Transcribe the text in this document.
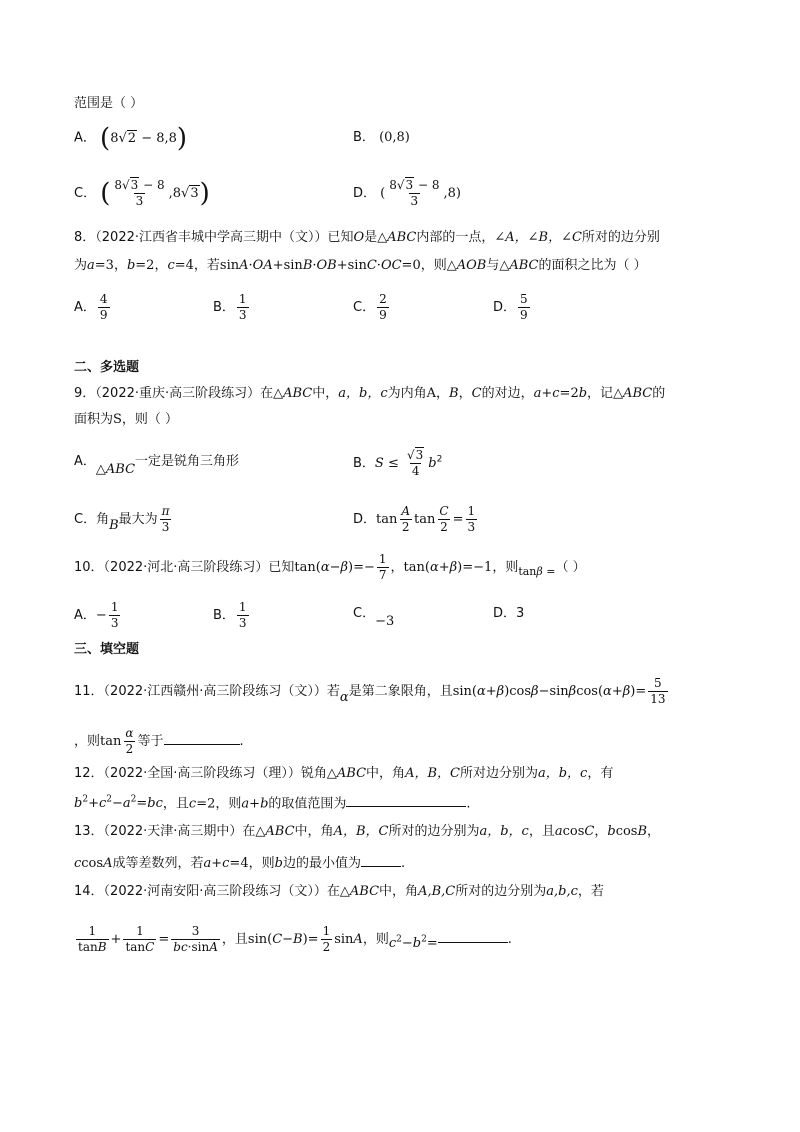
范围是（ ）
A． (8√2 − 8,8)	B． (0,8)
C． ( $\frac{8√3 - 8}{3} ,8√3$)	D． ( $\frac{8√3 - 8}{3} ,8$)
8．（2022·江西省丰城中学高三期中（文））已知O是△ABC内部的一点，∠A，∠B，∠C所对的边分别
为a=3，b=2，c=4，若sinA·OA+sinB·OB+sinC·OC=0，则△AOB与△ABC的面积之比为（ ）
A． $\frac{4}{9}$	B． $\frac{1}{3}$	C． $\frac{2}{9}$	D． $\frac{5}{9}$
二、多选题
9．（2022·重庆·高三阶段练习）在△ABC中，a，b，c为内角A，B，C的对边，a+c=2b，记△ABC的
面积为S，则（ ）
A．△ABC一定是锐角三角形	B．$S \le \frac{√3}{4} b^2$
C．角B最大为 $\frac{\pi}{3}$	D．$\tan \frac{A}{2}$ $\tan \frac{C}{2} = \frac{1}{3}$
10．（2022·河北·高三阶段练习）已知$\tan(\alpha-\beta)=- \frac{1}{7}$ ，tan(α+β)=−1，则$_{tan\beta =}$（ ）
A．− $\frac{1}{3}$	B． $\frac{1}{3}$	C．−3
D．3
三、填空题
11．（2022·江西赣州·高三阶段练习（文））若α是第二象限角，且$\sin(\alpha+\beta)\cos\beta-\sin\beta\cos(\alpha+\beta)= \frac{5}{13}$
，则$\tan \frac{\alpha}{2}$ 等于	.
12．（2022·全国·高三阶段练习（理））锐角△ABC中，角A，B，C所对边分别为a，b，c，有
$b^2+c^2-a^2=bc$，且c=2，则a+b的取值范围为	.
13．（2022·天津·高三期中）在△ABC中，角A，B，C所对的边分别为a，b，c，且acosC，bcosB，
ccosA成等差数列，若a+c=4，则b边的最小值为	.
14．（2022·河南安阳·高三阶段练习（文））在△ABC中，角A,B,C所对的边分别为a,b,c，若
$\frac{1}{\tan B} + \frac{1}{\tan C} = \frac{3}{bc\cdot\sin A}$ ，且$\sin(C-B)= \frac{1}{2}$ sinA，则$c^2-b^2=$	.
